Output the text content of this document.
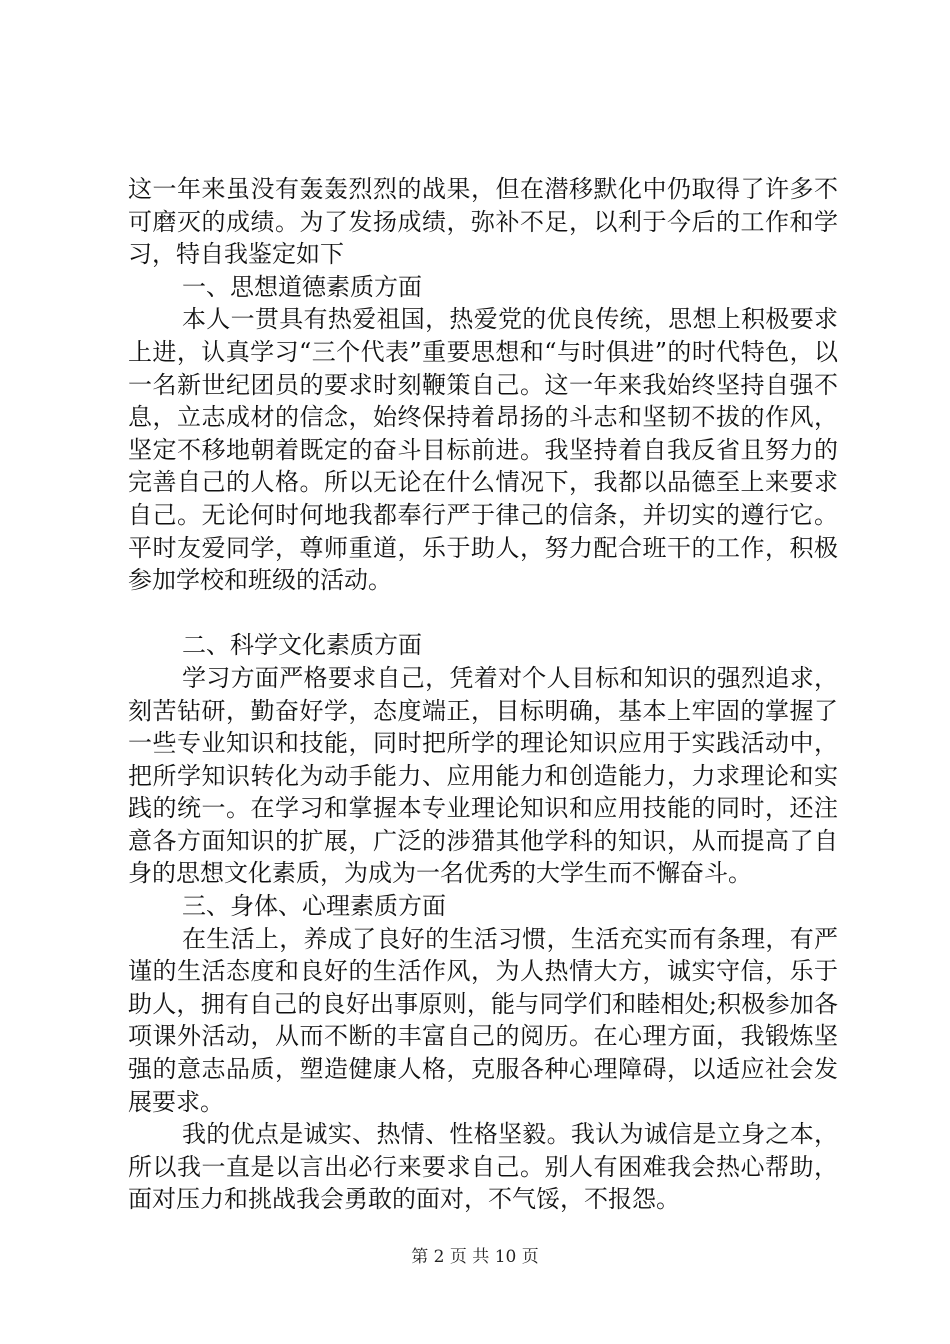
这一年来虽没有轰轰烈烈的战果，但在潜移默化中仍取得了许多不可磨灭的成绩。为了发扬成绩，弥补不足，以利于今后的工作和学习，特自我鉴定如下

一、思想道德素质方面

本人一贯具有热爱祖国，热爱党的优良传统，思想上积极要求上进，认真学习“三个代表”重要思想和“与时俱进”的时代特色，以一名新世纪团员的要求时刻鞭策自己。这一年来我始终坚持自强不息，立志成材的信念，始终保持着昂扬的斗志和坚韧不拔的作风，坚定不移地朝着既定的奋斗目标前进。我坚持着自我反省且努力的完善自己的人格。所以无论在什么情况下，我都以品德至上来要求自己。无论何时何地我都奉行严于律己的信条，并切实的遵行它。平时友爱同学，尊师重道，乐于助人，努力配合班干的工作，积极参加学校和班级的活动。

二、科学文化素质方面

学习方面严格要求自己，凭着对个人目标和知识的强烈追求，刻苦钻研，勤奋好学，态度端正，目标明确，基本上牢固的掌握了一些专业知识和技能，同时把所学的理论知识应用于实践活动中，把所学知识转化为动手能力、应用能力和创造能力，力求理论和实践的统一。在学习和掌握本专业理论知识和应用技能的同时，还注意各方面知识的扩展，广泛的涉猎其他学科的知识，从而提高了自身的思想文化素质，为成为一名优秀的大学生而不懈奋斗。

三、身体、心理素质方面

在生活上，养成了良好的生活习惯，生活充实而有条理，有严谨的生活态度和良好的生活作风，为人热情大方，诚实守信，乐于助人，拥有自己的良好出事原则，能与同学们和睦相处;积极参加各项课外活动，从而不断的丰富自己的阅历。在心理方面，我锻炼坚强的意志品质，塑造健康人格，克服各种心理障碍，以适应社会发展要求。

我的优点是诚实、热情、性格坚毅。我认为诚信是立身之本，所以我一直是以言出必行来要求自己。别人有困难我会热心帮助，面对压力和挑战我会勇敢的面对，不气馁，不报怨。

第 2 页 共 10 页
